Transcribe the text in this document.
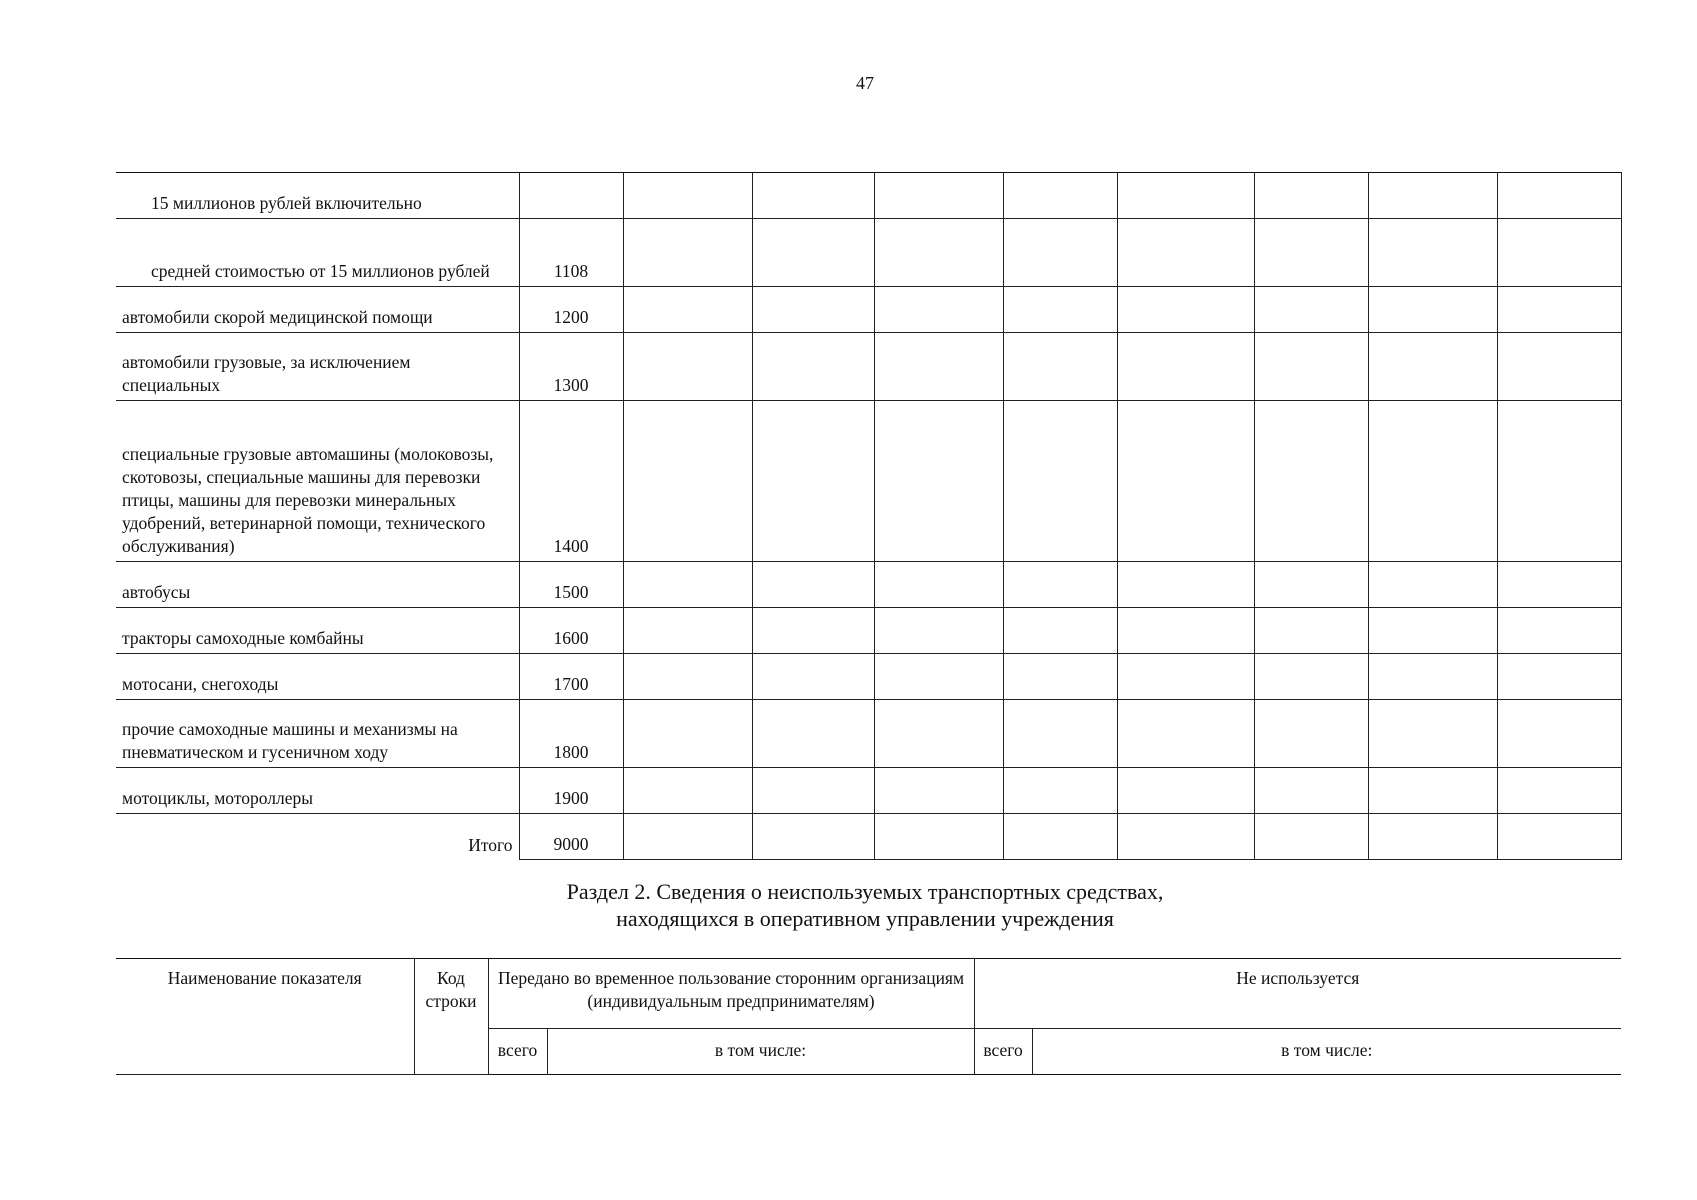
47
15 миллионов рублей включительно									
средней стоимостью от 15 миллионов рублей	1108								
автомобили скорой медицинской помощи	1200								
автомобили грузовые, за исключением специальных	1300								
специальные грузовые автомашины (молоковозы, скотовозы, специальные машины для перевозки птицы, машины для перевозки минеральных удобрений, ветеринарной помощи, технического обслуживания)	1400								
автобусы	1500								
тракторы самоходные комбайны	1600								
мотосани, снегоходы	1700								
прочие самоходные машины и механизмы на пневматическом и гусеничном ходу	1800								
мотоциклы, мотороллеры	1900								
Итого	9000								
Раздел 2. Сведения о неиспользуемых транспортных средствах,
находящихся в оперативном управлении учреждения
Наименование показателя	Код строки	Передано во временное пользование сторонним организациям (индивидуальным предпринимателям)		Не используется	
		всего	в том числе:	всего	в том числе:
